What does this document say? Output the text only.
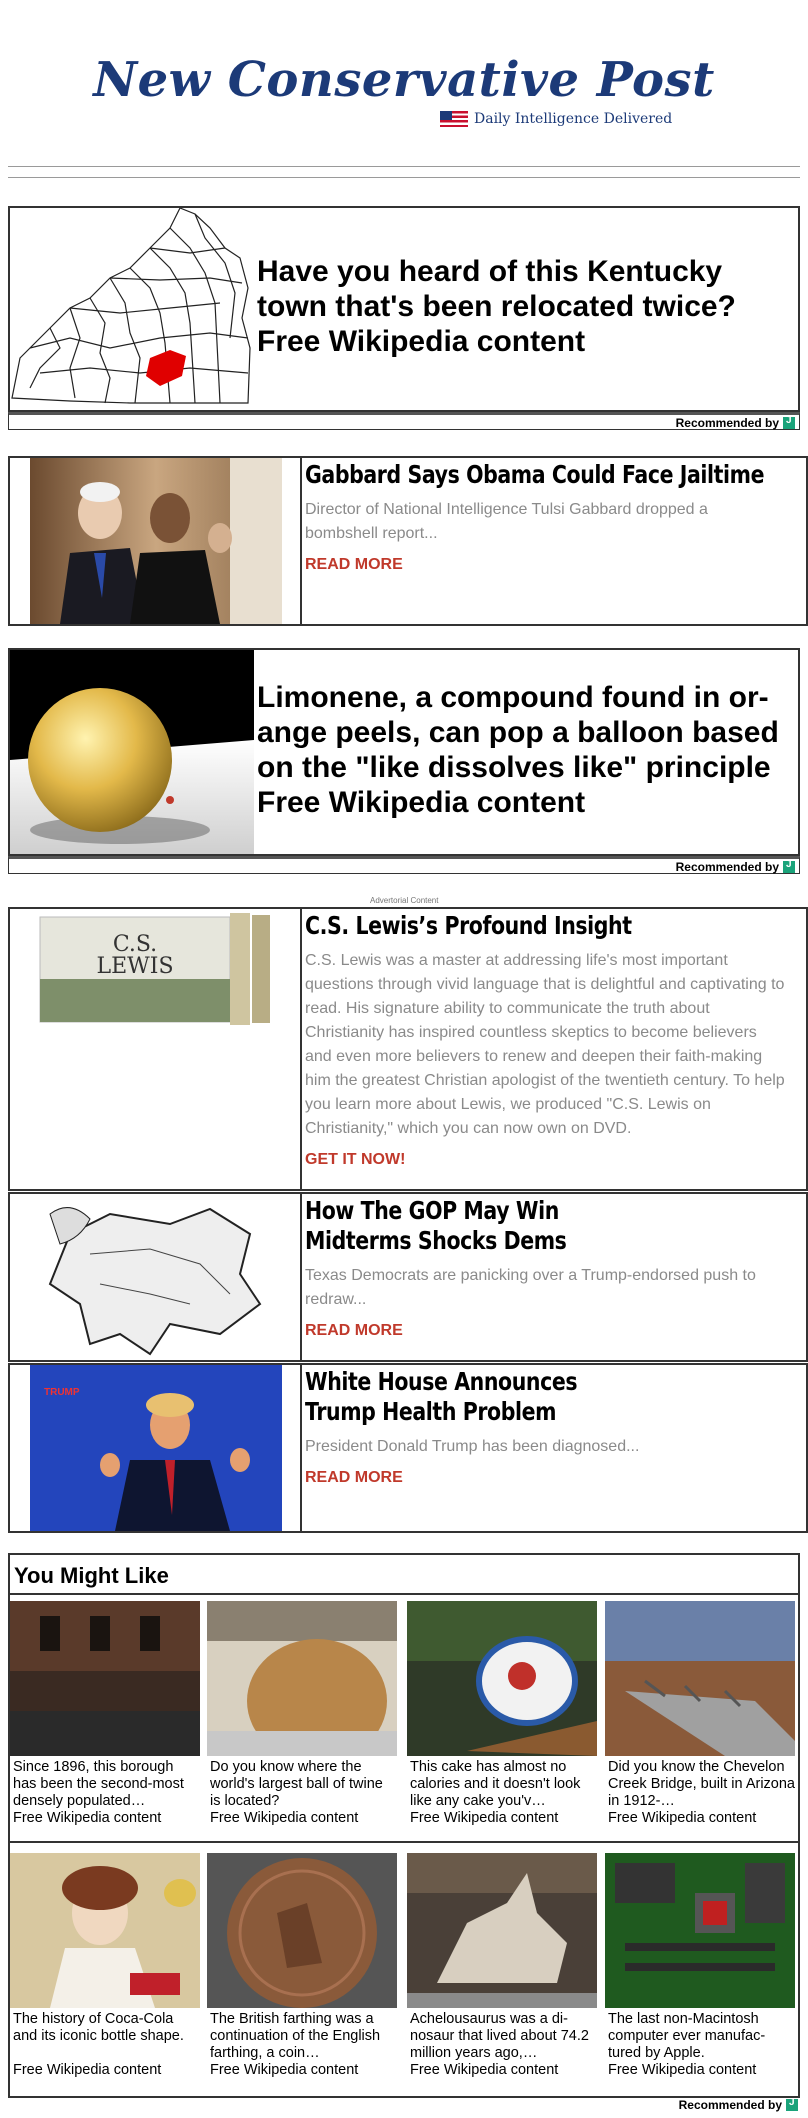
New Conservative Post
Daily Intelligence Delivered
Have you heard of this Kentucky town that's been relocated twice?
Free Wikipedia content
Recommended by
J
Gabbard Says Obama Could Face Jailtime

Director of National Intelligence Tulsi Gabbard dropped a bombshell report...

READ MORE
Limonene, a compound found in or- ange peels, can pop a balloon based on the "like dissolves like" principle
Free Wikipedia content
Recommended by
J
Advertorial Content
C.S.
LEWIS
C.S. Lewis’s Profound Insight

C.S. Lewis was a master at addressing life's most important questions through vivid language that is delightful and captivating to read. His signature ability to communicate the truth about Christianity has inspired countless skeptics to become believers and even more believers to renew and deepen their faith-making him the greatest Christian apologist of the twentieth century. To help you learn more about Lewis, we produced "C.S. Lewis on Christianity," which you can now own on DVD.

GET IT NOW!
How The GOP May Win Midterms Shocks Dems

Texas Democrats are panicking over a Trump-endorsed push to redraw...

READ MORE
TRUMP	White House Announces Trump Health Problem

President Donald Trump has been diagnosed...

READ MORE
You Might Like
Since 1896, this borough has been the second-most densely populated…
Free Wikipedia content
Do you know where the world's largest ball of twine is located?
Free Wikipedia content
This cake has almost no calories and it doesn't look like any cake you'v…
Free Wikipedia content
Did you know the Chevelon Creek Bridge, built in Arizona in 1912-…
Free Wikipedia content
The history of Coca-Cola and its iconic bottle shape.
Free Wikipedia content
The British farthing was a continuation of the English farthing, a coin…
Free Wikipedia content
Achelousaurus was a di- nosaur that lived about 74.2 million years ago,…
Free Wikipedia content
The last non-Macintosh computer ever manufac- tured by Apple.
Free Wikipedia content
Recommended by
J
